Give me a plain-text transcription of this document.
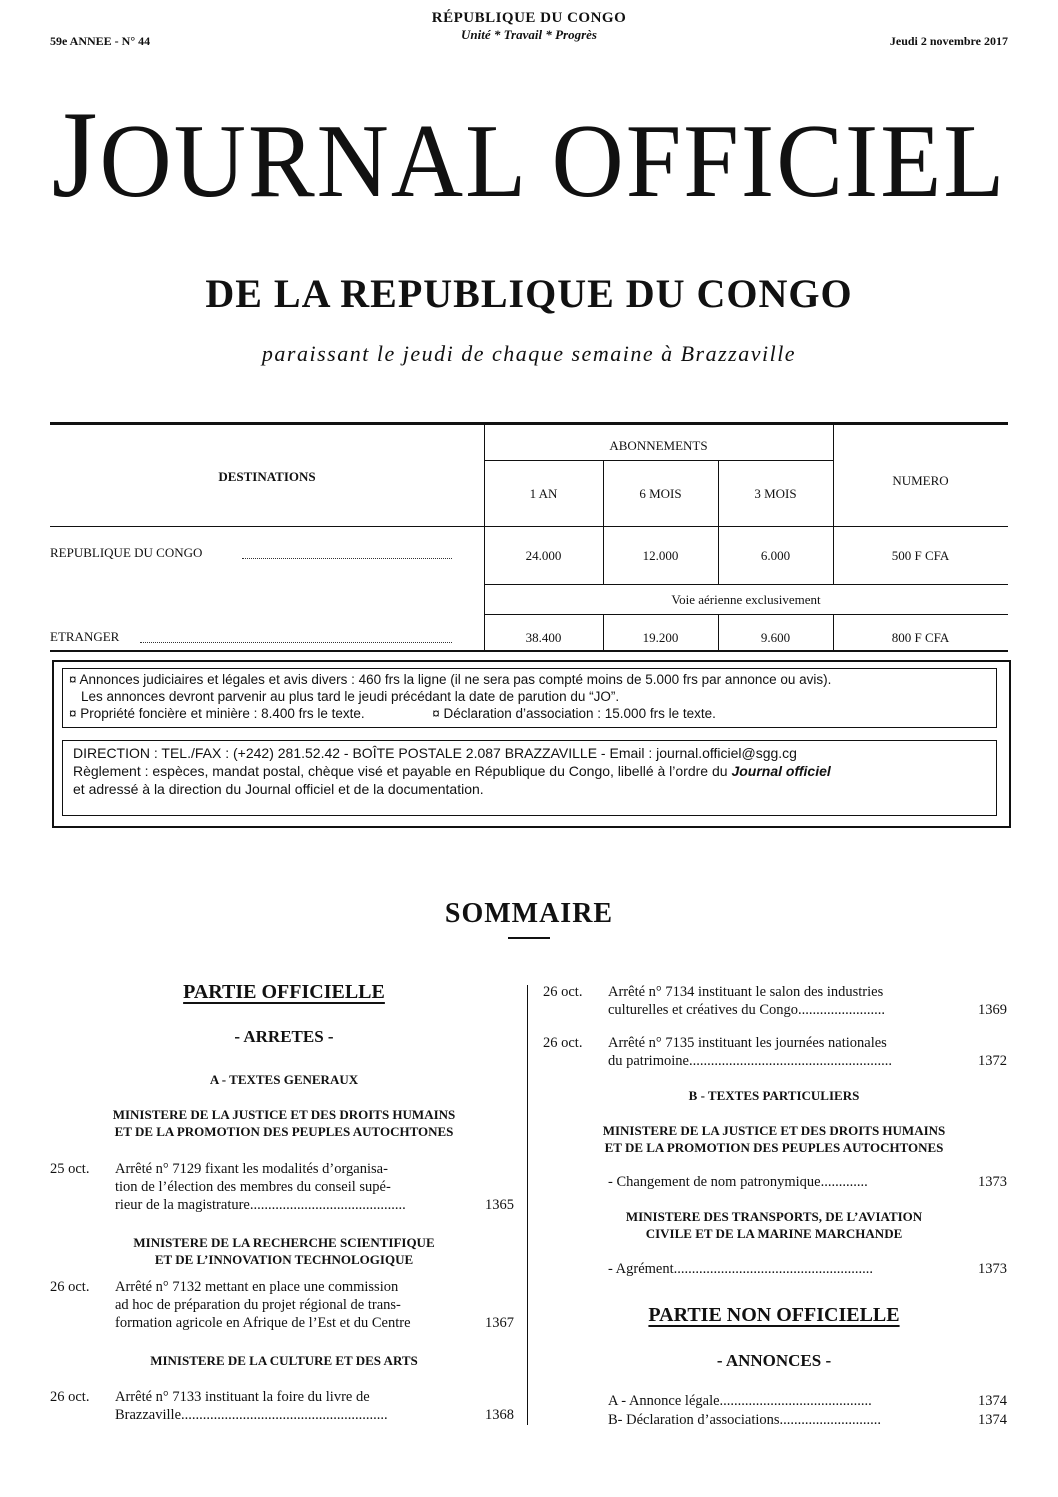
59e ANNEE - N° 44
RÉPUBLIQUE DU CONGO
Unité * Travail * Progrès	Jeudi 2 novembre 2017
JOURNAL OFFICIEL
DE LA REPUBLIQUE DU CONGO
paraissant le jeudi de chaque semaine à Brazzaville
DESTINATIONS
ABONNEMENTS
NUMERO
1 AN	6 MOIS	3 MOIS
REPUBLIQUE DU CONGO	24.000	12.000	6.000	500 F CFA
Voie aérienne exclusivement
ETRANGER	38.400	19.200	9.600	800 F CFA
¤ Annonces judiciaires et légales et avis divers : 460 frs la ligne (il ne sera pas compté moins de 5.000 frs par annonce ou avis).
Les annonces devront parvenir au plus tard le jeudi précédant la date de parution du “JO”.
¤ Propriété foncière et minière : 8.400 frs le texte.	¤ Déclaration d’association : 15.000 frs le texte.
DIRECTION : TEL./FAX : (+242) 281.52.42 - BOÎTE POSTALE 2.087 BRAZZAVILLE - Email : journal.officiel@sgg.cg
Règlement : espèces, mandat postal, chèque visé et payable en République du Congo, libellé à l’ordre du Journal officiel
et adressé à la direction du Journal officiel et de la documentation.
SOMMAIRE
PARTIE OFFICIELLE
- ARRETES -
A - TEXTES GENERAUX
MINISTERE DE LA JUSTICE ET DES DROITS HUMAINS
ET DE LA PROMOTION DES PEUPLES AUTOCHTONES
25 oct. Arrêté n° 7129 fixant les modalités d’organisa-
tion de l’élection des membres du conseil supé-
rieur de la magistrature...........................................	1365
MINISTERE DE LA RECHERCHE SCIENTIFIQUE
ET DE L’INNOVATION TECHNOLOGIQUE
26 oct. Arrêté n° 7132 mettant en place une commission
ad hoc de préparation du projet régional de trans-
formation agricole en Afrique de l’Est et du Centre	1367
MINISTERE DE LA CULTURE ET DES ARTS
26 oct. Arrêté n° 7133 instituant la foire du livre de
Brazzaville.........................................................	1368
26 oct. Arrêté n° 7134 instituant le salon des industries
culturelles et créatives du Congo........................	1369
26 oct. Arrêté n° 7135 instituant les journées nationales
du patrimoine........................................................	1372
B - TEXTES PARTICULIERS
MINISTERE DE LA JUSTICE ET DES DROITS HUMAINS
ET DE LA PROMOTION DES PEUPLES AUTOCHTONES
- Changement de nom patronymique.............	1373
MINISTERE DES TRANSPORTS, DE L’AVIATION
CIVILE ET DE LA MARINE MARCHANDE
- Agrément.......................................................	1373
PARTIE NON OFFICIELLE
- ANNONCES -
A - Annonce légale..........................................	1374
B- Déclaration d’associations............................	1374
